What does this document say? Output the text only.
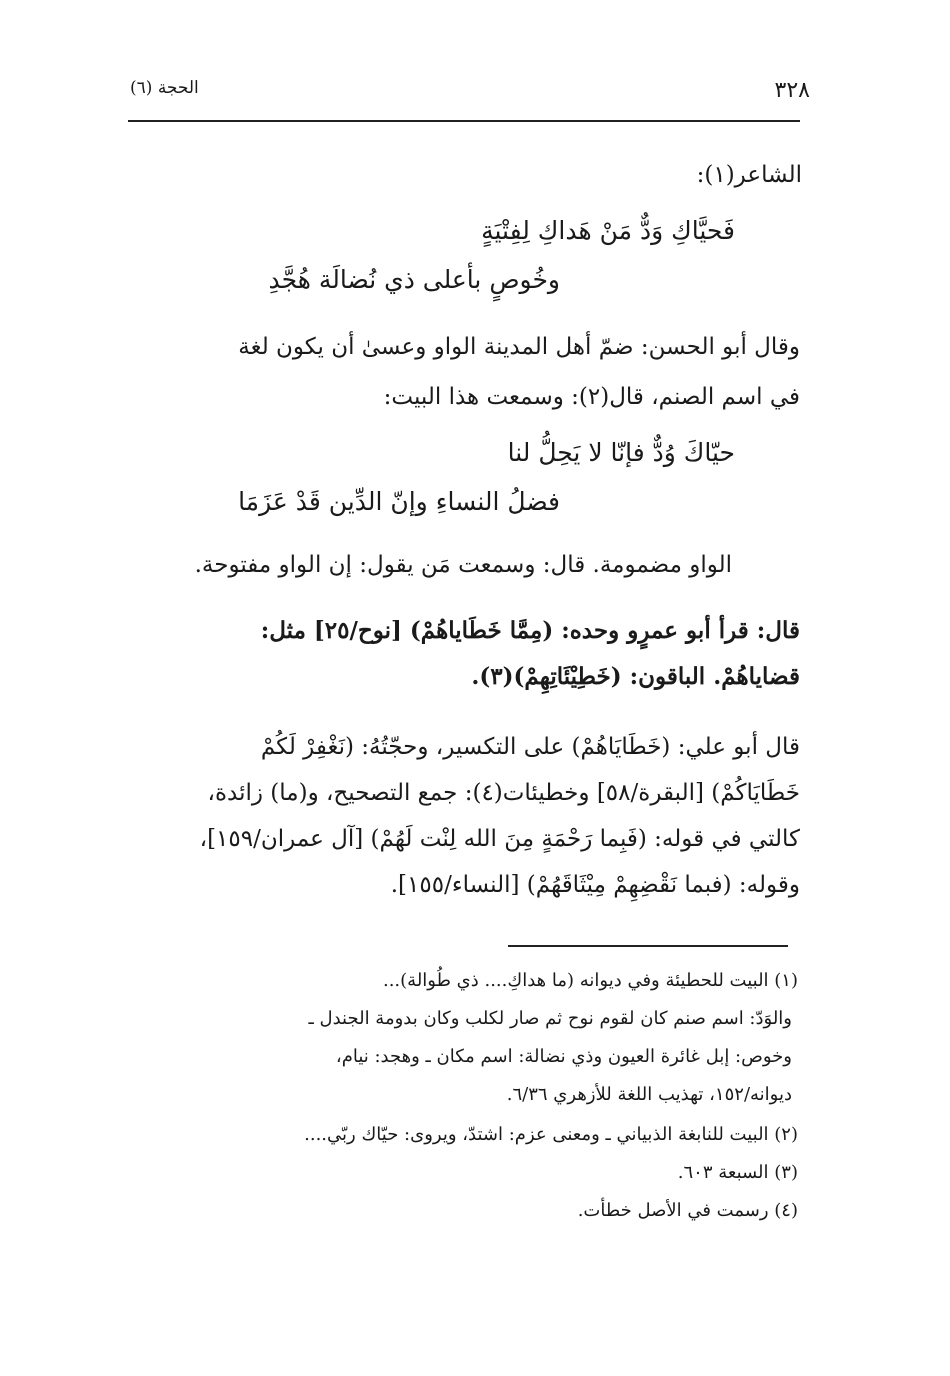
٣٢٨
الحجة (٦)
الشاعر(١):
فَحيَّاكِ وَدٌّ مَنْ هَداكِ لِفِتْيَةٍ
وخُوصٍ بأعلى ذي نُضالَة هُجَّدِ
وقال أبو الحسن: ضمّ أهل المدينة الواو وعسىٰ أن يكون لغة
في اسم الصنم، قال(٢): وسمعت هذا البيت:
حيّاكَ وُدٌّ فإنّا لا يَحِلُّ لنا
فضلُ النساءِ وإنّ الدِّين قَدْ عَزَمَا
الواو مضمومة. قال: وسمعت مَن يقول: إن الواو مفتوحة.
قال: قرأ أبو عمرٍو وحده: (مِمَّا خَطَاياهُمْ) [نوح/٢٥] مثل:
قضاياهُمْ. الباقون: (خَطِيْئَاتِهِمْ)(٣).
قال أبو علي: (خَطَايَاهُمْ) على التكسير، وحجّتُهُ: (نَغْفِرْ لَكُمْ
خَطَايَاكُمْ) [البقرة/٥٨] وخطيئات(٤): جمع التصحيح، و(ما) زائدة،
كالتي في قوله: (فَبِما رَحْمَةٍ مِنَ الله لِنْت لَهُمْ) [آل عمران/١٥٩]،
وقوله: (فبما نَقْضِهِمْ مِيْثَاقَهُمْ) [النساء/١٥٥].
(١) البيت للحطيئة وفي ديوانه (ما هداكِ.... ذي طُوالة)...
والوَدّ: اسم صنم كان لقوم نوح ثم صار لكلب وكان بدومة الجندل ـ
وخوص: إبل غائرة العيون وذي نضالة: اسم مكان ـ وهجد: نيام،
ديوانه/١٥٢، تهذيب اللغة للأزهري ٦/٣٦.
(٢) البيت للنابغة الذبياني ـ ومعنى عزم: اشتدّ، ويروى: حيّاك ربّي....
(٣) السبعة ٦٠٣.
(٤) رسمت في الأصل خطأت.
